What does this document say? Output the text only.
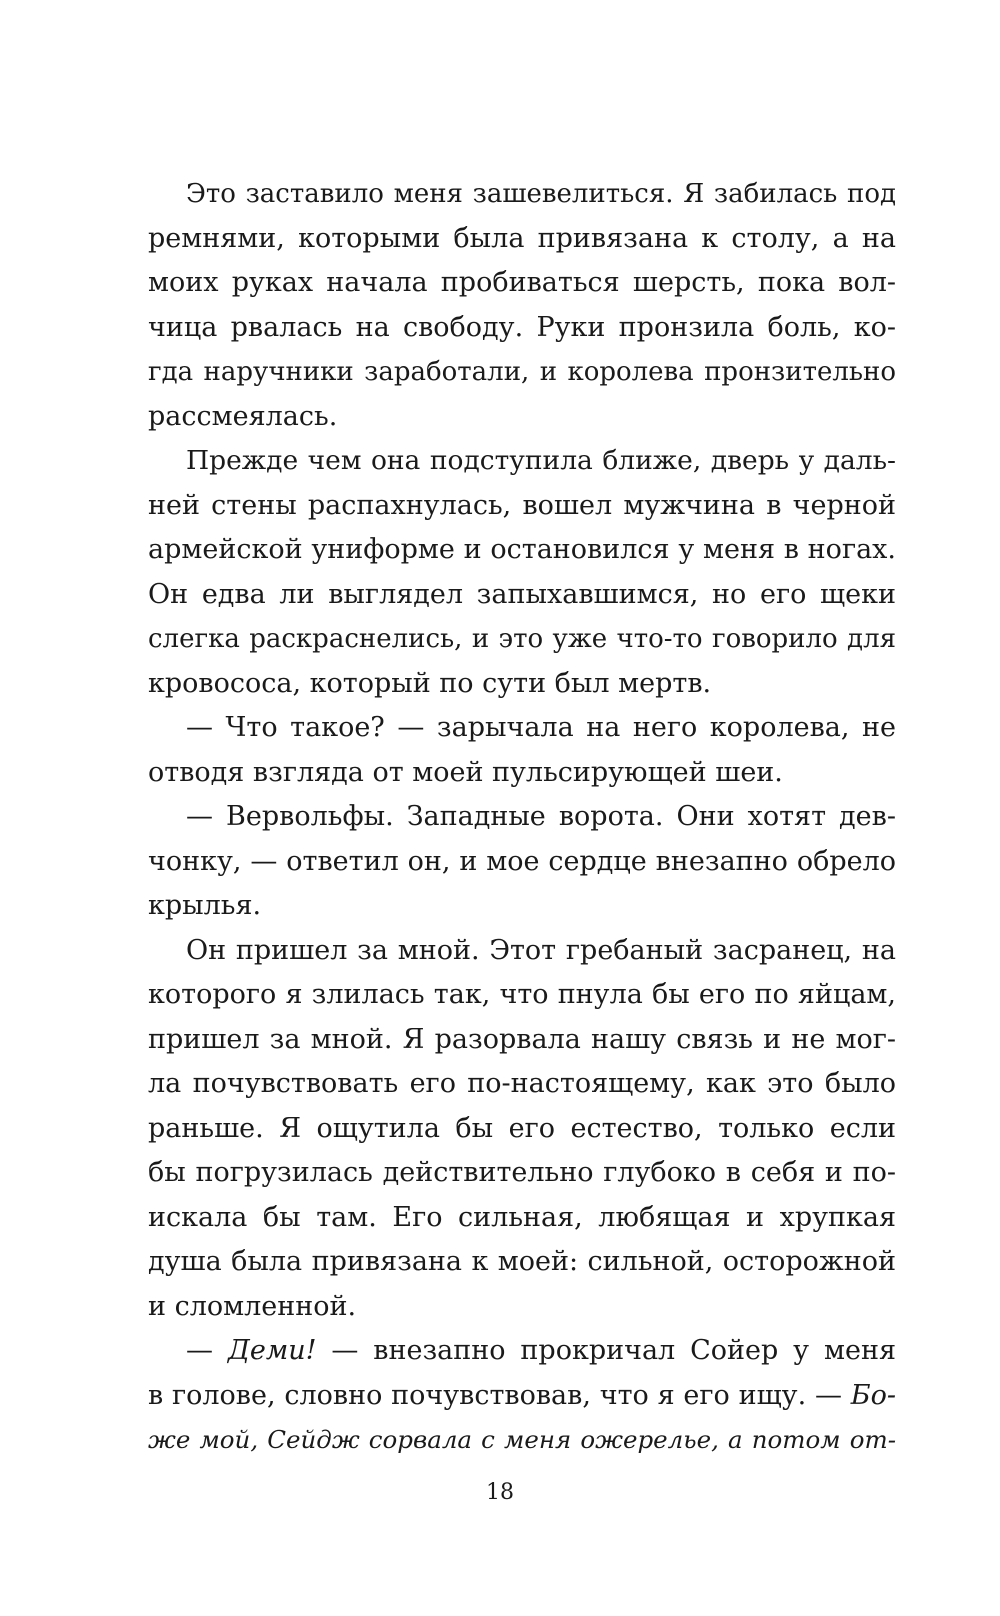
Это заставило меня зашевелиться. Я забилась под
ремнями, которыми была привязана к столу, а на
моих руках начала пробиваться шерсть, пока вол-
чица рвалась на свободу. Руки пронзила боль, ко-
гда наручники заработали, и королева пронзительно
рассмеялась.
Прежде чем она подступила ближе, дверь у даль-
ней стены распахнулась, вошел мужчина в черной
армейской униформе и остановился у меня в ногах.
Он едва ли выглядел запыхавшимся, но его щеки
слегка раскраснелись, и это уже что-то говорило для
кровососа, который по сути был мертв.
— Что такое? — зарычала на него королева, не
отводя взгляда от моей пульсирующей шеи.
— Вервольфы. Западные ворота. Они хотят дев-
чонку, — ответил он, и мое сердце внезапно обрело
крылья.
Он пришел за мной. Этот гребаный засранец, на
которого я злилась так, что пнула бы его по яйцам,
пришел за мной. Я разорвала нашу связь и не мог-
ла почувствовать его по-настоящему, как это было
раньше. Я ощутила бы его естество, только если
бы погрузилась действительно глубоко в себя и по-
искала бы там. Его сильная, любящая и хрупкая
душа была привязана к моей: сильной, осторожной
и сломленной.
— Деми! — внезапно прокричал Сойер у меня
в голове, словно почувствовав, что я его ищу. — Бо-
же мой, Сейдж сорвала с меня ожерелье, а потом от-
18
